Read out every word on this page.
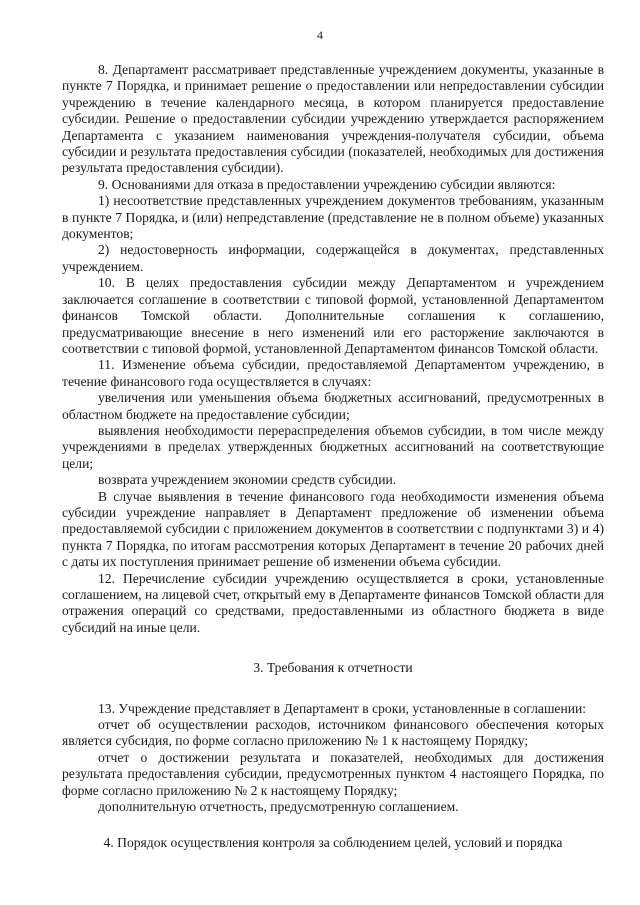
4

8. Департамент рассматривает представленные учреждением документы, указанные в пункте 7 Порядка, и принимает решение о предоставлении или непредоставлении субсидии учреждению в течение календарного месяца, в котором планируется предоставление субсидии. Решение о предоставлении субсидии учреждению утверждается распоряжением Департамента с указанием наименования учреждения-получателя субсидии, объема субсидии и результата предоставления субсидии (показателей, необходимых для достижения результата предоставления субсидии).

9. Основаниями для отказа в предоставлении учреждению субсидии являются:

1) несоответствие представленных учреждением документов требованиям, указанным в пункте 7 Порядка, и (или) непредставление (представление не в полном объеме) указанных документов;

2) недостоверность информации, содержащейся в документах, представленных учреждением.

10. В целях предоставления субсидии между Департаментом и учреждением заключается соглашение в соответствии с типовой формой, установленной Департаментом финансов Томской области. Дополнительные соглашения к соглашению, предусматривающие внесение в него изменений или его расторжение заключаются в соответствии с типовой формой, установленной Департаментом финансов Томской области.

11. Изменение объема субсидии, предоставляемой Департаментом учреждению, в течение финансового года осуществляется в случаях:

увеличения или уменьшения объема бюджетных ассигнований, предусмотренных в областном бюджете на предоставление субсидии;

выявления необходимости перераспределения объемов субсидии, в том числе между учреждениями в пределах утвержденных бюджетных ассигнований на соответствующие цели;

возврата учреждением экономии средств субсидии.

В случае выявления в течение финансового года необходимости изменения объема субсидии учреждение направляет в Департамент предложение об изменении объема предоставляемой субсидии с приложением документов в соответствии с подпунктами 3) и 4) пункта 7 Порядка, по итогам рассмотрения которых Департамент в течение 20 рабочих дней с даты их поступления принимает решение об изменении объема субсидии.

12. Перечисление субсидии учреждению осуществляется в сроки, установленные соглашением, на лицевой счет, открытый ему в Департаменте финансов Томской области для отражения операций со средствами, предоставленными из областного бюджета в виде субсидий на иные цели.

3. Требования к отчетности

13. Учреждение представляет в Департамент в сроки, установленные в соглашении:

отчет об осуществлении расходов, источником финансового обеспечения которых является субсидия, по форме согласно приложению № 1 к настоящему Порядку;

отчет о достижении результата и показателей, необходимых для достижения результата предоставления субсидии, предусмотренных пунктом 4 настоящего Порядка, по форме согласно приложению № 2 к настоящему Порядку;

дополнительную отчетность, предусмотренную соглашением.

4. Порядок осуществления контроля за соблюдением целей, условий и порядка
